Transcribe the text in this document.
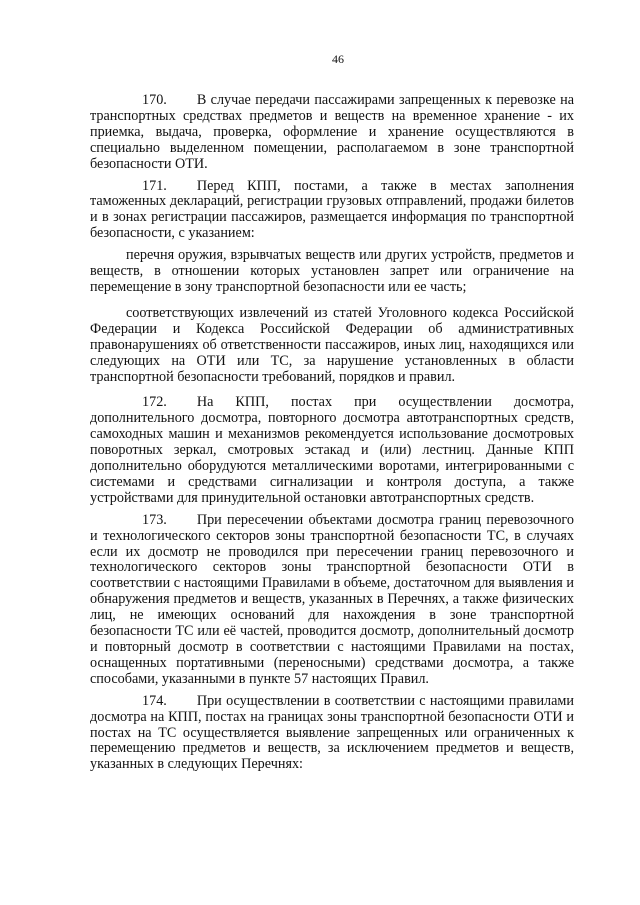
46

170. В случае передачи пассажирами запрещенных к перевозке на транспортных средствах предметов и веществ на временное хранение - их приемка, выдача, проверка, оформление и хранение осуществляются в специально выделенном помещении, располагаемом в зоне транспортной безопасности ОТИ.

171. Перед КПП, постами, а также в местах заполнения таможенных деклараций, регистрации грузовых отправлений, продажи билетов и в зонах регистрации пассажиров, размещается информация по транспортной безопасности, с указанием:

перечня оружия, взрывчатых веществ или других устройств, предметов и веществ, в отношении которых установлен запрет или ограничение на перемещение в зону транспортной безопасности или ее часть;

соответствующих извлечений из статей Уголовного кодекса Российской Федерации и Кодекса Российской Федерации об административных правонарушениях об ответственности пассажиров, иных лиц, находящихся или следующих на ОТИ или ТС, за нарушение установленных в области транспортной безопасности требований, порядков и правил.

172. На КПП, постах при осуществлении досмотра, дополнительного досмотра, повторного досмотра автотранспортных средств, самоходных машин и механизмов рекомендуется использование досмотровых поворотных зеркал, смотровых эстакад и (или) лестниц. Данные КПП дополнительно оборудуются металлическими воротами, интегрированными с системами и средствами сигнализации и контроля доступа, а также устройствами для принудительной остановки автотранспортных средств.

173. При пересечении объектами досмотра границ перевозочного и технологического секторов зоны транспортной безопасности ТС, в случаях если их досмотр не проводился при пересечении границ перевозочного и технологического секторов зоны транспортной безопасности ОТИ в соответствии с настоящими Правилами в объеме, достаточном для выявления и обнаружения предметов и веществ, указанных в Перечнях, а также физических лиц, не имеющих оснований для нахождения в зоне транспортной безопасности ТС или её частей, проводится досмотр, дополнительный досмотр и повторный досмотр в соответствии с настоящими Правилами на постах, оснащенных портативными (переносными) средствами досмотра, а также способами, указанными в пункте 57 настоящих Правил.

174. При осуществлении в соответствии с настоящими правилами досмотра на КПП, постах на границах зоны транспортной безопасности ОТИ и постах на ТС осуществляется выявление запрещенных или ограниченных к перемещению предметов и веществ, за исключением предметов и веществ, указанных в следующих Перечнях:
